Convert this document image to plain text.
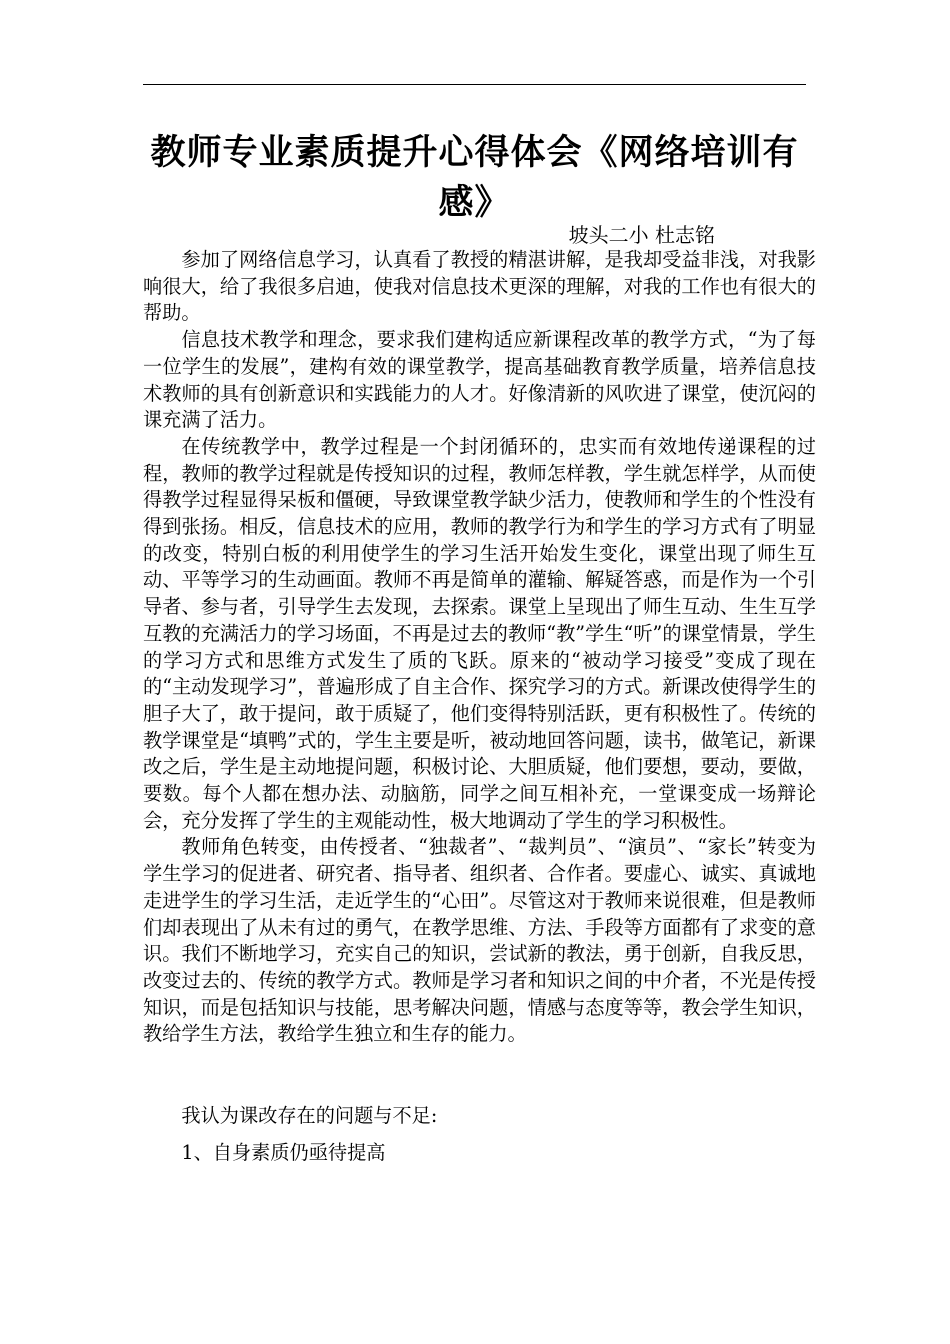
教师专业素质提升心得体会《网络培训有感》
坡头二小 杜志铭

参加了网络信息学习，认真看了教授的精湛讲解，是我却受益非浅，对我影响很大，给了我很多启迪，使我对信息技术更深的理解，对我的工作也有很大的帮助。

信息技术教学和理念，要求我们建构适应新课程改革的教学方式，“为了每一位学生的发展”，建构有效的课堂教学，提高基础教育教学质量，培养信息技术教师的具有创新意识和实践能力的人才。好像清新的风吹进了课堂，使沉闷的课充满了活力。

在传统教学中，教学过程是一个封闭循环的，忠实而有效地传递课程的过程，教师的教学过程就是传授知识的过程，教师怎样教，学生就怎样学，从而使得教学过程显得呆板和僵硬，导致课堂教学缺少活力，使教师和学生的个性没有得到张扬。相反，信息技术的应用，教师的教学行为和学生的学习方式有了明显的改变，特别白板的利用使学生的学习生活开始发生变化，课堂出现了师生互动、平等学习的生动画面。教师不再是简单的灌输、解疑答惑，而是作为一个引导者、参与者，引导学生去发现，去探索。课堂上呈现出了师生互动、生生互学互教的充满活力的学习场面，不再是过去的教师“教”学生“听”的课堂情景，学生的学习方式和思维方式发生了质的飞跃。原来的“被动学习接受”变成了现在的“主动发现学习”，普遍形成了自主合作、探究学习的方式。新课改使得学生的胆子大了，敢于提问，敢于质疑了，他们变得特别活跃，更有积极性了。传统的教学课堂是“填鸭”式的，学生主要是听，被动地回答问题，读书，做笔记，新课改之后，学生是主动地提问题，积极讨论、大胆质疑，他们要想，要动，要做，要数。每个人都在想办法、动脑筋，同学之间互相补充，一堂课变成一场辩论会，充分发挥了学生的主观能动性，极大地调动了学生的学习积极性。

教师角色转变，由传授者、“独裁者”、“裁判员”、“演员”、“家长”转变为学生学习的促进者、研究者、指导者、组织者、合作者。要虚心、诚实、真诚地走进学生的学习生活，走近学生的“心田”。尽管这对于教师来说很难，但是教师们却表现出了从未有过的勇气，在教学思维、方法、手段等方面都有了求变的意识。我们不断地学习，充实自己的知识，尝试新的教法，勇于创新，自我反思，改变过去的、传统的教学方式。教师是学习者和知识之间的中介者，不光是传授知识，而是包括知识与技能，思考解决问题，情感与态度等等，教会学生知识，教给学生方法，教给学生独立和生存的能力。

我认为课改存在的问题与不足:

1、自身素质仍亟待提高
